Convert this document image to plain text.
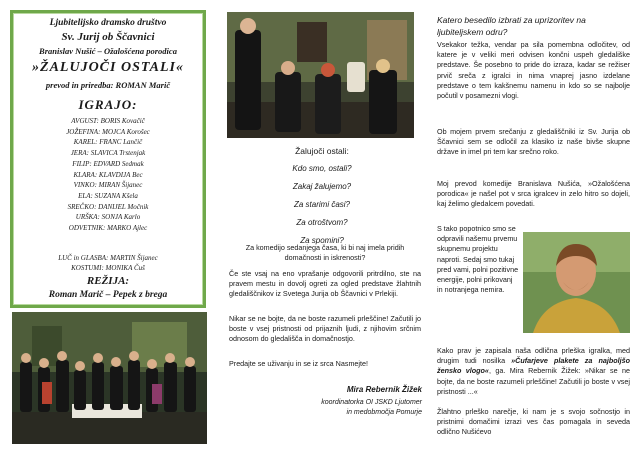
Ljubitelijsko dramsko društvo
Sv. Jurij ob Ščavnici
Branislav Nušić – Ožalošćena porodica
»ŽALUJOČI OSTALI«
prevod in priredba: ROMAN Marič
IGRAJO:
AVGUST: BORIS Kovačič
JOŽEFINA: MOJCA Korošec
KAREL: FRANC Lančič
JERA: SLAVICA Trstenjak
FILIP: EDVARD Sedmak
KLARA: KLAVDIJA Bec
VINKO: MIRAN Šijanec
ELA: SUZANA Kšela
SREČKO: DANIJEL Močnik
URŠKA: SONJA Karlo
ODVETNIK: MARKO Ajlec
LUČ in GLASBA: MARTIN Šijanec
KOSTUMI: MONIKA Čuš
REŽIJA:
Roman Marič – Pepek z brega
Žalujoči ostali:
Kdo smo, ostali?
Zakaj žalujemo?
Za starimi časi?
Za otroštvom?
Za spomini?
Za komedijo sedanjega časa, ki bi naj imela pridih domačnosti in iskrenosti?
Če ste vsaj na eno vprašanje odgovorili pritrdilno, ste na pravem mestu in dovolj ogreti za ogled predstave žlahtnih gledališčnikov iz Svetega Jurija ob Ščavnici v Prlekiji.
Nikar se ne bojte, da ne boste razumeli prleščine! Začutili jo boste v vsej pristnosti od prijaznih ljudi, z njihovim srčnim odnosom do gledališča in domačnostjo.
Predajte se uživanju in se iz srca Nasmejte!
Mira Rebernik Žižek
koordinatorka OI JSKD Ljutomer
in medobmočja Pomurje
Katero besedilo izbrati za uprizoritev na ljubiteljskem odru?
Vsekakor težka, vendar pa sila pomembna odločitev, od katere je v veliki meri odvisen končni uspeh gledališke predstave. Še posebno to pride do izraza, kadar se režiser prvič sreča z igralci in nima vnaprej jasno izdelane predstave o tem kakšnemu namenu in kdo so se najbolje počutil v posamezni vlogi.
Ob mojem prvem srečanju z gledališčniki iz Sv. Jurija ob Ščavnici sem se odločil za klasiko iz naše bivše skupne države in imel pri tem kar srečno roko.
Moj prevod komedije Branislava Nušića, »Ožalošćena porodica« je našel pot v srca igralcev in zelo hitro so dojeli, kaj želimo gledalcem povedati.
S tako popotnico smo se odpravili našemu prvemu skupnemu projektu naproti. Sedaj smo tukaj pred vami, polni pozitivne energije, polni prikovanj in notranjega nemira.
Kako prav je zapisala naša odlična prleška igralka, med drugim tudi nosilka »Čufarjeve plakete za najboljšo žensko vlogo«, ga. Mira Rebernik Žižek: »Nikar se ne bojte, da ne boste razumeli prleščine! Začutili jo boste v vsej pristnosti ...«
Žlahtno prleško narečje, ki nam je s svojo sočnostjo in pristnimi domačimi izrazi ves čas pomagala in seveda odlično Nušićevo
